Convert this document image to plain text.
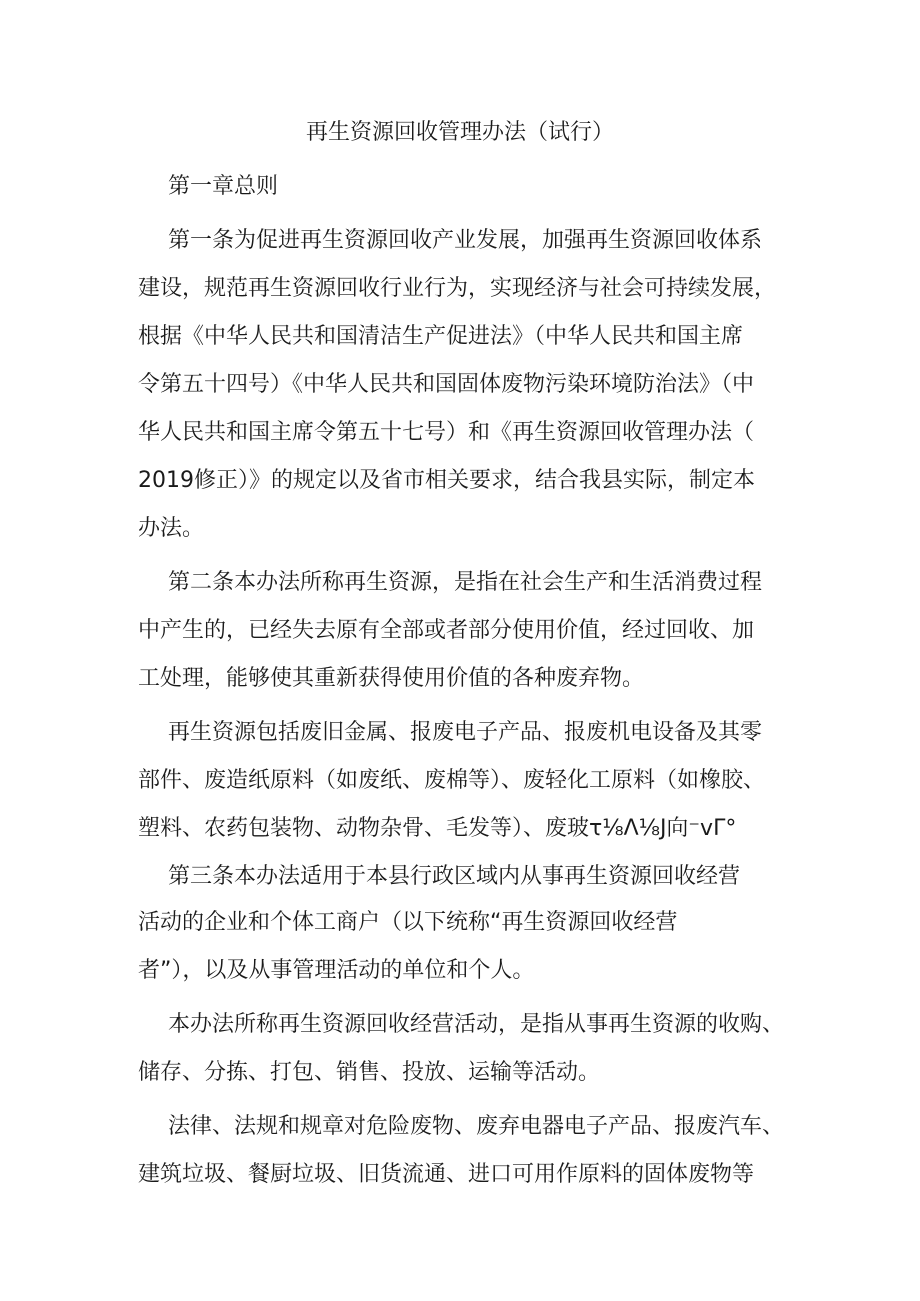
再生资源回收管理办法（试行）

第一章总则

第一条为促进再生资源回收产业发展，加强再生资源回收体系

建设，规范再生资源回收行业行为，实现经济与社会可持续发展，

根据《中华人民共和国清洁生产促进法》（中华人民共和国主席

令第五十四号）《中华人民共和国固体废物污染环境防治法》（中

华人民共和国主席令第五十七号）和《再生资源回收管理办法（

2019修正）》的规定以及省市相关要求，结合我县实际，制定本

办法。

第二条本办法所称再生资源，是指在社会生产和生活消费过程

中产生的，已经失去原有全部或者部分使用价值，经过回收、加

工处理，能够使其重新获得使用价值的各种废弃物。

再生资源包括废旧金属、报废电子产品、报废机电设备及其零

部件、废造纸原料（如废纸、废棉等）、废轻化工原料（如橡胶、

塑料、农药包装物、动物杂骨、毛发等）、废玻τ⅛Λ⅛J向⁻vΓ°

第三条本办法适用于本县行政区域内从事再生资源回收经营

活动的企业和个体工商户（以下统称“再生资源回收经营

者”），以及从事管理活动的单位和个人。

本办法所称再生资源回收经营活动，是指从事再生资源的收购、

储存、分拣、打包、销售、投放、运输等活动。

法律、法规和规章对危险废物、废弃电器电子产品、报废汽车、

建筑垃圾、餐厨垃圾、旧货流通、进口可用作原料的固体废物等
